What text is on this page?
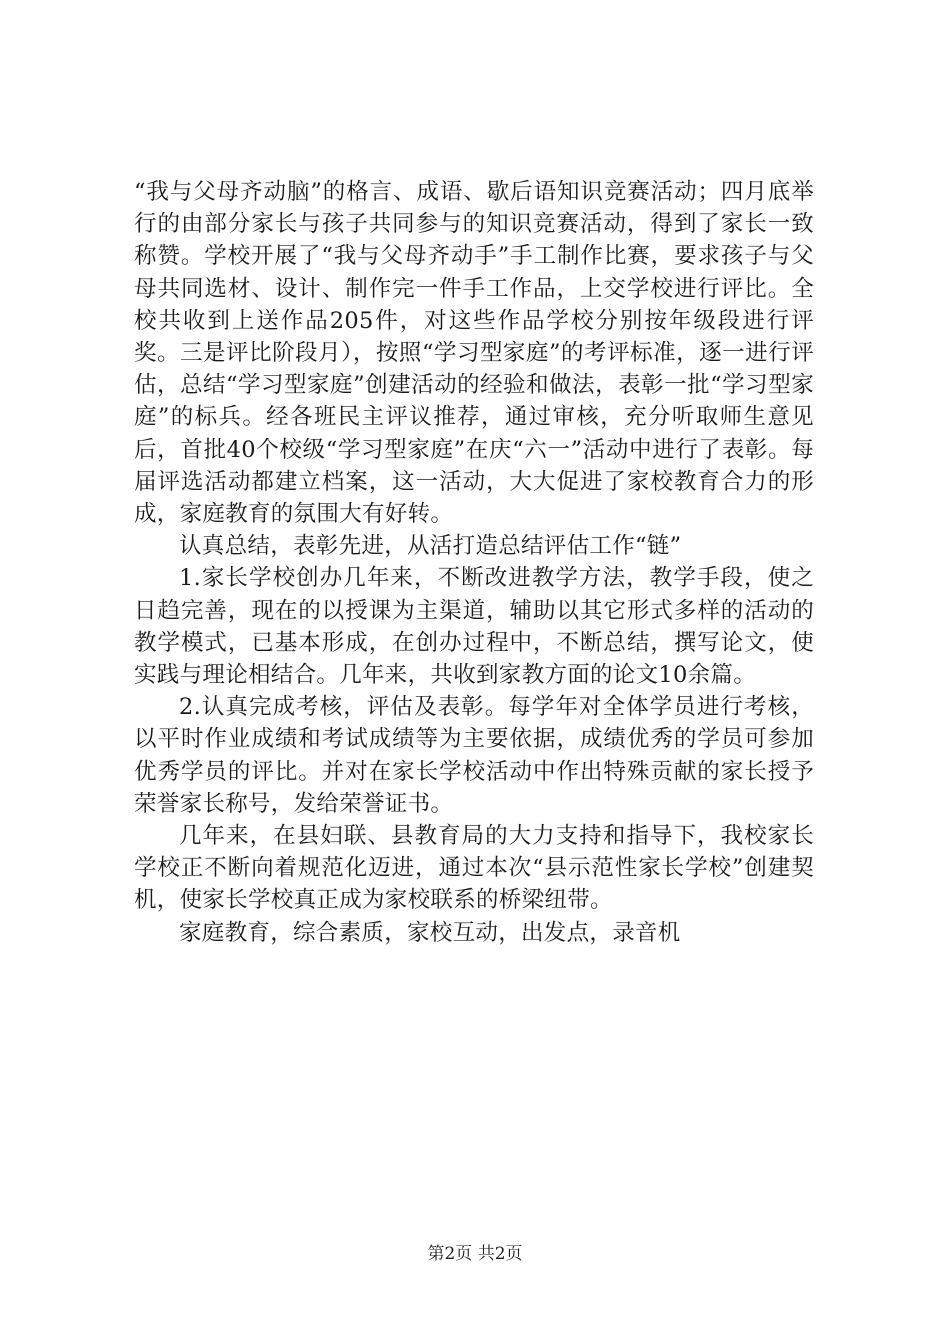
“我与父母齐动脑”的格言、成语、歇后语知识竞赛活动；四月底举行的由部分家长与孩子共同参与的知识竞赛活动，得到了家长一致称赞。学校开展了“我与父母齐动手”手工制作比赛，要求孩子与父母共同选材、设计、制作完一件手工作品，上交学校进行评比。全校共收到上送作品205件，对这些作品学校分别按年级段进行评奖。三是评比阶段月），按照“学习型家庭”的考评标准，逐一进行评估，总结“学习型家庭”创建活动的经验和做法，表彰一批“学习型家庭”的标兵。经各班民主评议推荐，通过审核，充分听取师生意见后，首批40个校级“学习型家庭”在庆“六一”活动中进行了表彰。每届评选活动都建立档案，这一活动，大大促进了家校教育合力的形成，家庭教育的氛围大有好转。

认真总结，表彰先进，从活打造总结评估工作“链”

1.家长学校创办几年来，不断改进教学方法，教学手段，使之日趋完善，现在的以授课为主渠道，辅助以其它形式多样的活动的教学模式，已基本形成，在创办过程中，不断总结，撰写论文，使实践与理论相结合。几年来，共收到家教方面的论文10余篇。

2.认真完成考核，评估及表彰。每学年对全体学员进行考核，以平时作业成绩和考试成绩等为主要依据，成绩优秀的学员可参加优秀学员的评比。并对在家长学校活动中作出特殊贡献的家长授予荣誉家长称号，发给荣誉证书。

几年来，在县妇联、县教育局的大力支持和指导下，我校家长学校正不断向着规范化迈进，通过本次“县示范性家长学校”创建契机，使家长学校真正成为家校联系的桥梁纽带。

家庭教育，综合素质，家校互动，出发点，录音机

第2页 共2页
